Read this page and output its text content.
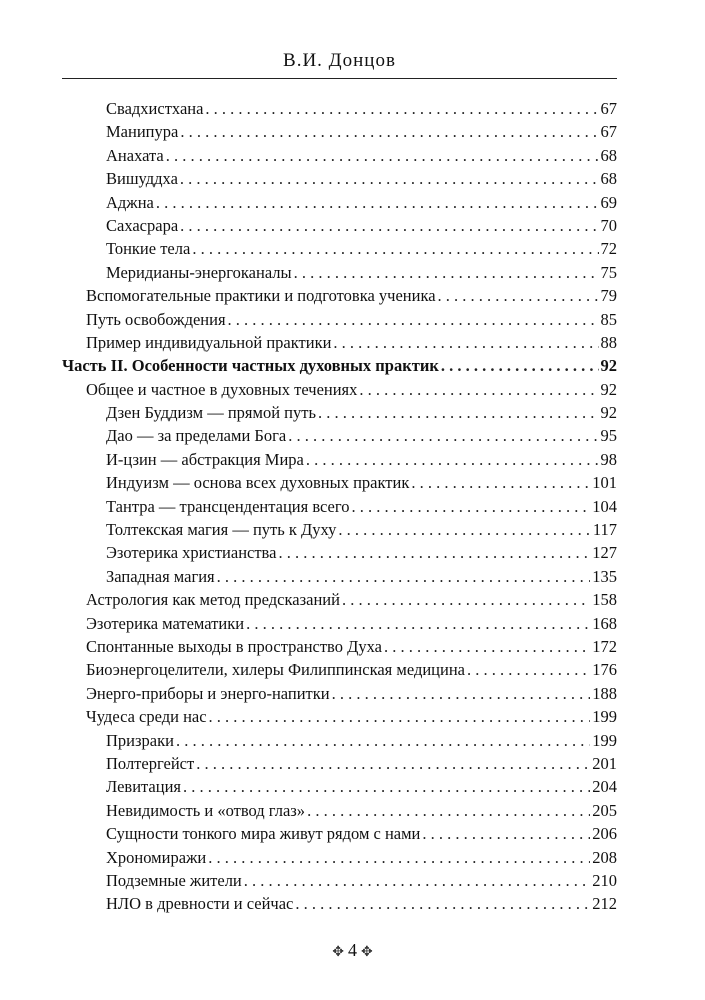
В.И. Донцов
Свадхистхана . . .	67
Манипура . . .	67
Анахата . . .	68
Вишуддха . . .	68
Аджна . . .	69
Сахасрара . . .	70
Тонкие тела . . .	72
Меридианы-энергоканалы . . .	75
Вспомогательные практики и подготовка ученика . . .	79
Путь освобождения . . .	85
Пример индивидуальной практики . . .	88
Часть II. Особенности частных духовных практик . . .	92
Общее и частное в духовных течениях . . .	92
Дзен Буддизм — прямой путь . . .	92
Дао — за пределами Бога . . .	95
И-цзин — абстракция Мира . . .	98
Индуизм — основа всех духовных практик . . .	101
Тантра — трансцендентация всего . . .	104
Толтекская магия — путь к Духу . . .	117
Эзотерика христианства . . .	127
Западная магия . . .	135
Астрология как метод предсказаний . . .	158
Эзотерика математики . . .	168
Спонтанные выходы в пространство Духа . . .	172
Биоэнергоцелители, хилеры Филиппинская медицина . . .	176
Энерго-приборы и энерго-напитки . . .	188
Чудеса среди нас . . .	199
Призраки . . .	199
Полтергейст . . .	201
Левитация . . .	204
Невидимость и «отвод глаз» . . .	205
Сущности тонкого мира живут рядом с нами . . .	206
Хрономиражи . . .	208
Подземные жители . . .	210
НЛО в древности и сейчас . . .	212
✥ 4 ✥
